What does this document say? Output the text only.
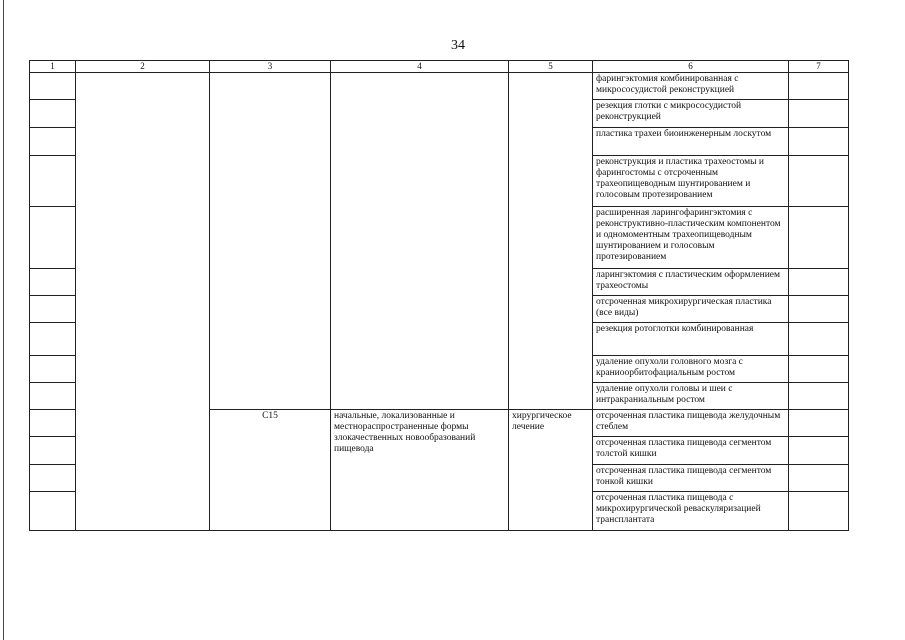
34
1	2	3	4	5	6	7
					фарингэктомия комбинированная с микрососудистой реконструкцией	
					резекция глотки с микрососудистой реконструкцией	
					пластика трахеи биоинженерным лоскутом	
					реконструкция и пластика трахеостомы и фарингостомы с отсроченным трахеопищеводным шунтированием и голосовым протезированием	
					расширенная ларингофарингэктомия с реконструктивно-пластическим компонентом и одномоментным трахеопищеводным шунтированием и голосовым протезированием	
					ларингэктомия с пластическим оформлением трахеостомы	
					отсроченная микрохирургическая пластика (все виды)	
					резекция ротоглотки комбинированная	
					удаление опухоли головного мозга с краниоорбитофациальным ростом	
					удаление опухоли головы и шеи с интракраниальным ростом	
		C15	начальные, локализованные и местнораспространенные формы злокачественных новообразований пищевода	хирургическое лечение	отсроченная пластика пищевода желудочным стеблем	
					отсроченная пластика пищевода сегментом толстой кишки	
					отсроченная пластика пищевода сегментом тонкой кишки	
					отсроченная пластика пищевода с микрохирургической реваскуляризацией трансплантата	
